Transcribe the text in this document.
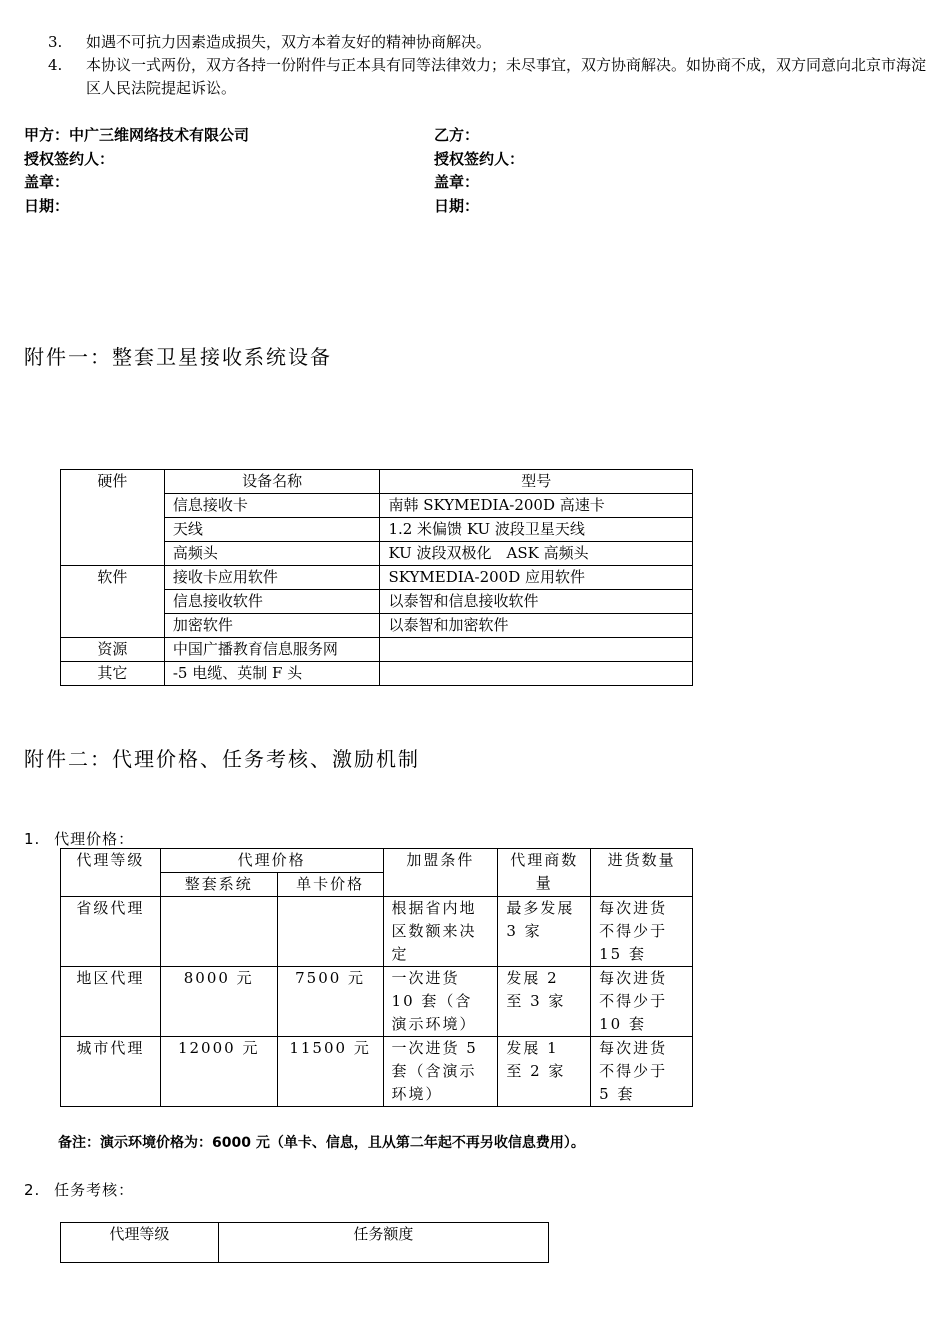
3.	如遇不可抗力因素造成损失，双方本着友好的精神协商解决。
4.	本协议一式两份，双方各持一份附件与正本具有同等法律效力；未尽事宜，双方协商解决。如协商不成，双方同意向北京市海淀区人民法院提起诉讼。
甲方：中广三维网络技术有限公司
授权签约人：
盖章：
日期：
乙方：
授权签约人：
盖章：
日期：
附件一：整套卫星接收系统设备
硬件	设备名称	型号
	信息接收卡	南韩 SKYMEDIA-200D 高速卡
	天线	1.2 米偏馈 KU 波段卫星天线
	高频头	KU 波段双极化　ASK 高频头
软件	接收卡应用软件	SKYMEDIA-200D 应用软件
	信息接收软件	以泰智和信息接收软件
	加密软件	以泰智和加密软件
资源	中国广播教育信息服务网	
其它	-5 电缆、英制 F 头	
附件二：代理价格、任务考核、激励机制
1. 代理价格：
代理等级	代理价格		加盟条件	代理商数量	进货数量
	整套系统	单卡价格			
省级代理			根据省内地区数额来决定	最多发展 3 家	每次进货不得少于 15 套
地区代理	8000 元	7500 元	一次进货 10 套（含演示环境）	发展 2 至 3 家	每次进货不得少于 10 套
城市代理	12000 元	11500 元	一次进货 5 套（含演示环境）	发展 1 至 2 家	每次进货不得少于 5 套
备注：演示环境价格为：6000 元（单卡、信息，且从第二年起不再另收信息费用）。
2. 任务考核：
代理等级	任务额度
